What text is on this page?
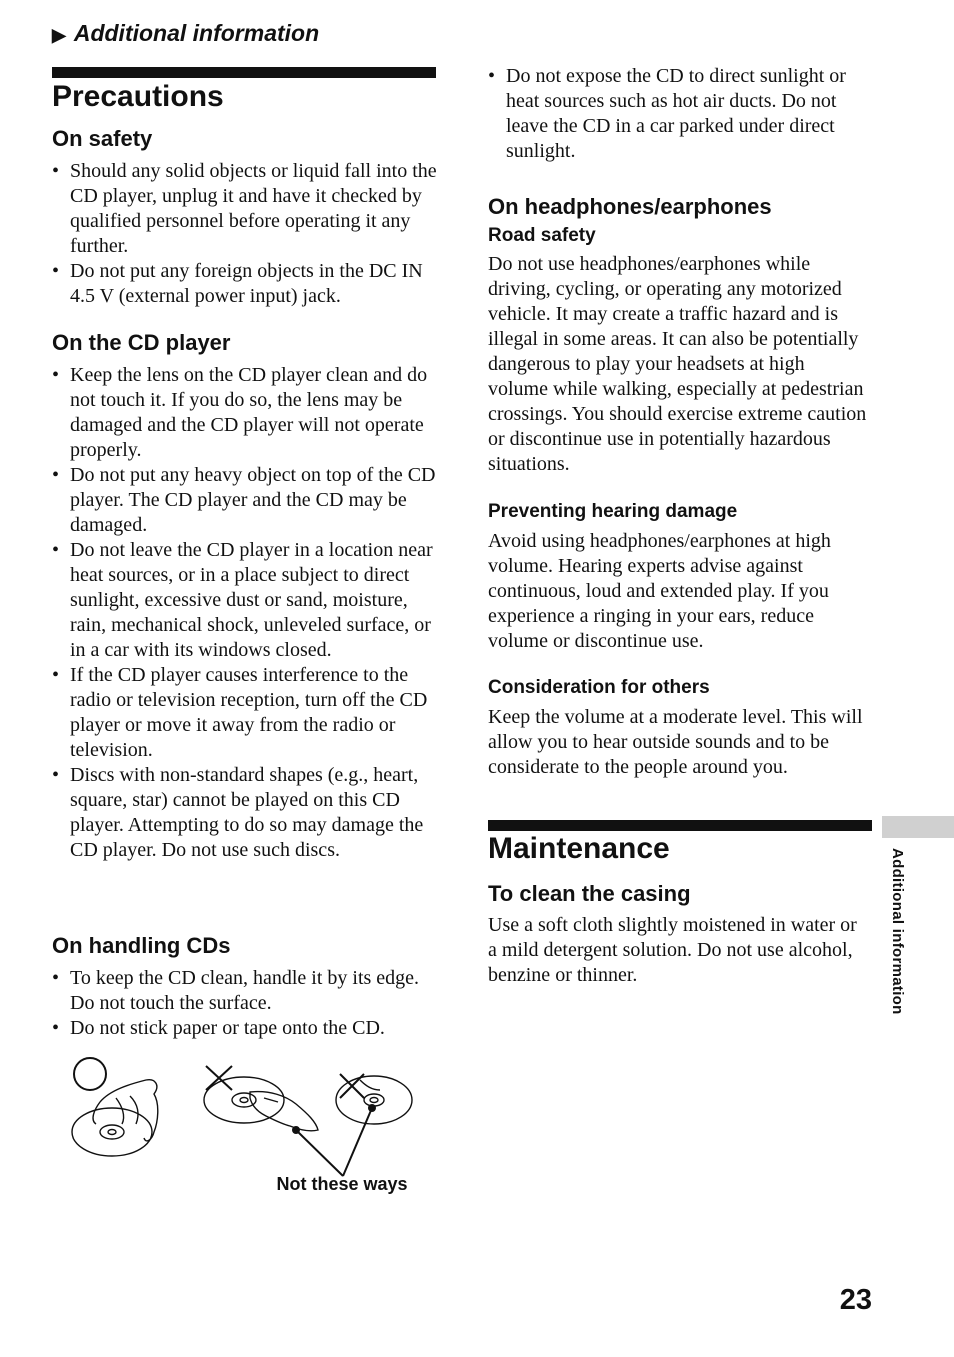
▶ Additional information
Precautions
On safety
• Should any solid objects or liquid fall into the CD player, unplug it and have it checked by qualified personnel before operating it any further.
• Do not put any foreign objects in the DC IN 4.5 V (external power input) jack.
On the CD player
• Keep the lens on the CD player clean and do not touch it. If you do so, the lens may be damaged and the CD player will not operate properly.
• Do not put any heavy object on top of the CD player. The CD player and the CD may be damaged.
• Do not leave the CD player in a location near heat sources, or in a place subject to direct sunlight, excessive dust or sand, moisture, rain, mechanical shock, unleveled surface, or in a car with its windows closed.
• If the CD player causes interference to the radio or television reception, turn off the CD player or move it away from the radio or television.
• Discs with non-standard shapes (e.g., heart, square, star) cannot be played on this CD player. Attempting to do so may damage the CD player. Do not use such discs.
On handling CDs
• To keep the CD clean, handle it by its edge. Do not touch the surface.
• Do not stick paper or tape onto the CD.
Not these ways
• Do not expose the CD to direct sunlight or heat sources such as hot air ducts. Do not leave the CD in a car parked under direct sunlight.
On headphones/earphones
Road safety
Do not use headphones/earphones while driving, cycling, or operating any motorized vehicle. It may create a traffic hazard and is illegal in some areas. It can also be potentially dangerous to play your headsets at high volume while walking, especially at pedestrian crossings. You should exercise extreme caution or discontinue use in potentially hazardous situations.
Preventing hearing damage
Avoid using headphones/earphones at high volume. Hearing experts advise against continuous, loud and extended play. If you experience a ringing in your ears, reduce volume or discontinue use.
Consideration for others
Keep the volume at a moderate level. This will allow you to hear outside sounds and to be considerate to the people around you.
Maintenance
To clean the casing
Use a soft cloth slightly moistened in water or a mild detergent solution. Do not use alcohol, benzine or thinner.	Additional information
23
